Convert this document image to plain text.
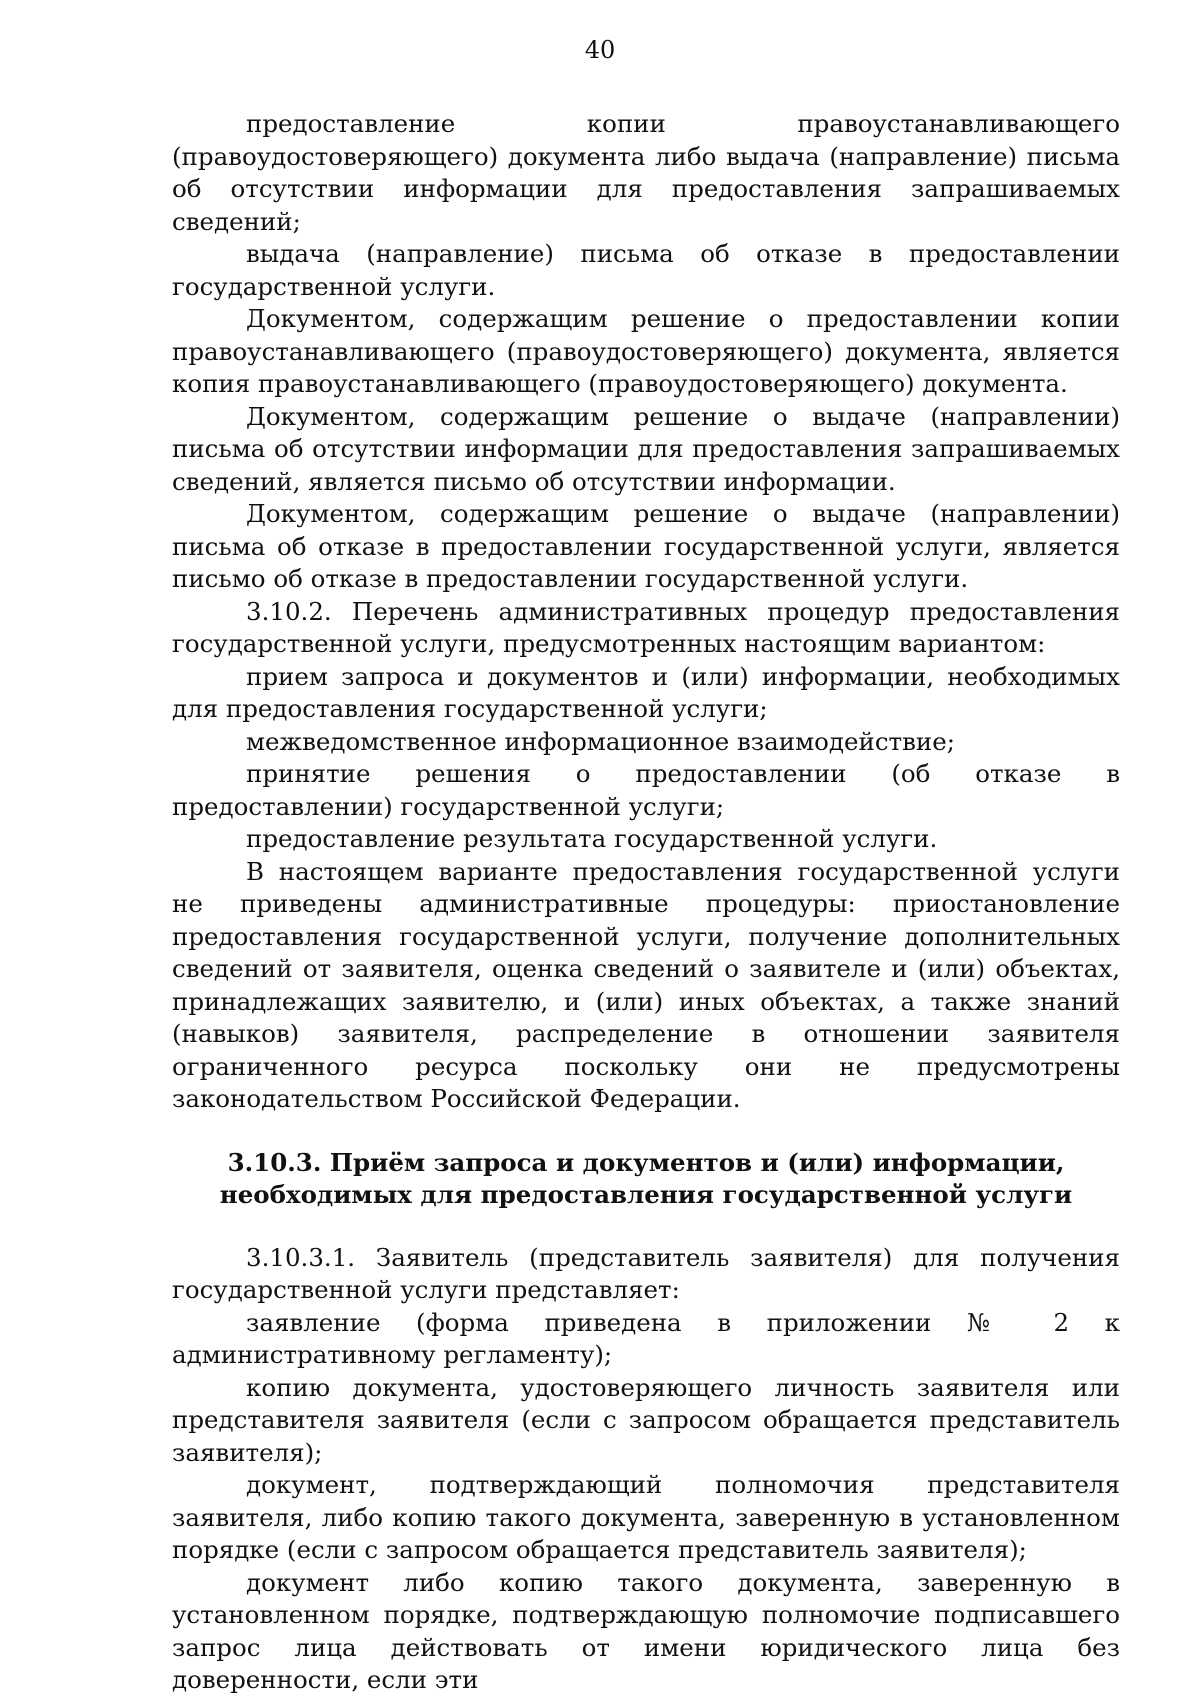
40

предоставление копии правоустанавливающего (правоудостоверяющего) документа либо выдача (направление) письма об отсутствии информации для предоставления запрашиваемых сведений;

выдача (направление) письма об отказе в предоставлении государственной услуги.

Документом, содержащим решение о предоставлении копии правоустанавливающего (правоудостоверяющего) документа, является копия правоустанавливающего (правоудостоверяющего) документа.

Документом, содержащим решение о выдаче (направлении) письма об отсутствии информации для предоставления запрашиваемых сведений, является письмо об отсутствии информации.

Документом, содержащим решение о выдаче (направлении) письма об отказе в предоставлении государственной услуги, является письмо об отказе в предоставлении государственной услуги.

3.10.2. Перечень административных процедур предоставления государственной услуги, предусмотренных настоящим вариантом:

прием запроса и документов и (или) информации, необходимых для предоставления государственной услуги;

межведомственное информационное взаимодействие;

принятие решения о предоставлении (об отказе в предоставлении) государственной услуги;

предоставление результата государственной услуги.

В настоящем варианте предоставления государственной услуги не приведены административные процедуры: приостановление предоставления государственной услуги, получение дополнительных сведений от заявителя, оценка сведений о заявителе и (или) объектах, принадлежащих заявителю, и (или) иных объектах, а также знаний (навыков) заявителя, распределение в отношении заявителя ограниченного ресурса поскольку они не предусмотрены законодательством Российской Федерации.

3.10.3. Приём запроса и документов и (или) информации,
необходимых для предоставления государственной услуги

3.10.3.1. Заявитель (представитель заявителя) для получения государственной услуги представляет:

заявление (форма приведена в приложении № 2 к административному регламенту);

копию документа, удостоверяющего личность заявителя или представителя заявителя (если с запросом обращается представитель заявителя);

документ, подтверждающий полномочия представителя заявителя, либо копию такого документа, заверенную в установленном порядке (если с запросом обращается представитель заявителя);

документ либо копию такого документа, заверенную в установленном порядке, подтверждающую полномочие подписавшего запрос лица действовать от имени юридического лица без доверенности, если эти
